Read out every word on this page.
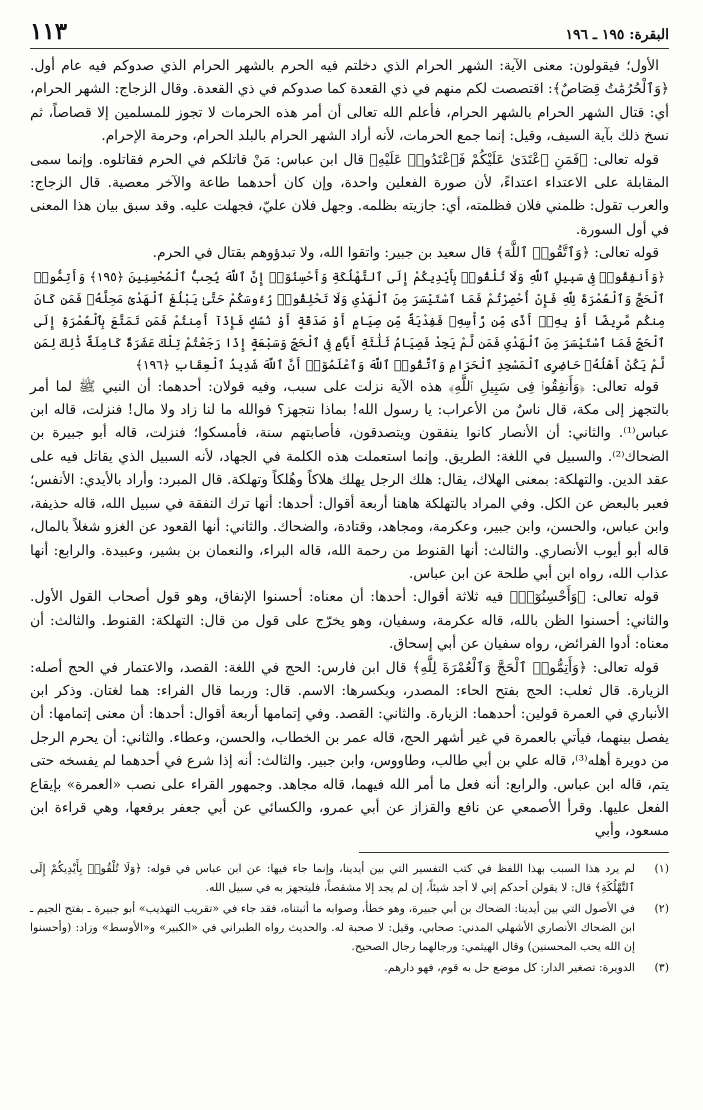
١١٣	البقرة: ١٩٥ ـ ١٩٦

الأول؛ فيقولون: معنى الآية: الشهر الحرام الذي دخلتم فيه الحرم بالشهر الحرام الذي صدوكم فيه عام أول. ﴿وَٱلْحُرُمَٰتُ قِصَاصٌ﴾: اقتصصت لكم منهم في ذي القعدة كما صدوكم في ذي القعدة. وقال الزجاج: الشهر الحرام، أي: قتال الشهر الحرام بالشهر الحرام، فأعلم الله تعالى أن أمر هذه الحرمات لا تجوز للمسلمين إلا قصاصاً، ثم نسخ ذلك بآية السيف، وقيل: إنما جمع الحرمات، لأنه أراد الشهر الحرام بالبلد الحرام، وحرمة الإحرام.

قوله تعالى: ﴿فَمَنِ ٱعْتَدَىٰ عَلَيْكُمْ فَٱعْتَدُوا۟ عَلَيْهِ﴾ قال ابن عباس: مَنْ قاتلكم في الحرم فقاتلوه. وإنما سمى المقابلة على الاعتداء اعتداءً، لأن صورة الفعلين واحدة، وإن كان أحدهما طاعة والآخر معصية. قال الزجاج: والعرب تقول: ظلمني فلان فظلمته، أي: جازيته بظلمه. وجهل فلان عليّ، فجهلت عليه. وقد سبق بيان هذا المعنى في أول السورة.

قوله تعالى: ﴿وَٱتَّقُوا۟ ٱللَّهَ﴾ قال سعيد بن جبير: واتقوا الله، ولا تبدؤوهم بقتال في الحرم.

﴿وَأَنفِقُوا۟ فِى سَبِيلِ ٱللَّهِ وَلَا تُلْقُوا۟ بِأَيْدِيكُمْ إِلَى ٱلتَّهْلُكَةِ وَأَحْسِنُوٓا۟ إِنَّ ٱللَّهَ يُحِبُّ ٱلْمُحْسِنِينَ ﴿١٩٥﴾ وَأَتِمُّوا۟ ٱلْحَجَّ وَٱلْعُمْرَةَ لِلَّهِ فَإِنْ أُحْصِرْتُمْ فَمَا ٱسْتَيْسَرَ مِنَ ٱلْهَدْىِ وَلَا تَحْلِقُوا۟ رُءُوسَكُمْ حَتَّىٰ يَبْلُغَ ٱلْهَدْىُ مَحِلَّهُۥ فَمَن كَانَ مِنكُم مَّرِيضًا أَوْ بِهِۦٓ أَذًى مِّن رَّأْسِهِۦ فَفِدْيَةٌ مِّن صِيَامٍ أَوْ صَدَقَةٍ أَوْ نُسُكٍ فَإِذَآ أَمِنتُمْ فَمَن تَمَتَّعَ بِٱلْعُمْرَةِ إِلَى ٱلْحَجِّ فَمَا ٱسْتَيْسَرَ مِنَ ٱلْهَدْىِ فَمَن لَّمْ يَجِدْ فَصِيَامُ ثَلَٰثَةِ أَيَّامٍ فِى ٱلْحَجِّ وَسَبْعَةٍ إِذَا رَجَعْتُمْ تِلْكَ عَشَرَةٌ كَامِلَةٌ ذَٰلِكَ لِمَن لَّمْ يَكُنْ أَهْلُهُۥ حَاضِرِى ٱلْمَسْجِدِ ٱلْحَرَامِ وَٱتَّقُوا۟ ٱللَّهَ وَٱعْلَمُوٓا۟ أَنَّ ٱللَّهَ شَدِيدُ ٱلْعِقَابِ ﴿١٩٦﴾

قوله تعالى: ﴿وَأَنفِقُوا۟ فِى سَبِيلِ ٱللَّهِ﴾ هذه الآية نزلت على سبب، وفيه قولان: أحدهما: أن النبي ﷺ لما أمر بالتجهز إلى مكة، قال ناسٌ من الأعراب: يا رسول الله! بماذا نتجهز؟ فوالله ما لنا زاد ولا مال! فنزلت، قاله ابن عباس⁽¹⁾. والثاني: أن الأنصار كانوا ينفقون ويتصدقون، فأصابتهم سنة، فأمسكوا؛ فنزلت، قاله أبو جبيرة بن الضحاك⁽²⁾. والسبيل في اللغة: الطريق. وإنما استعملت هذه الكلمة في الجهاد، لأنه السبيل الذي يقاتل فيه على عقد الدين. والتهلكة: بمعنى الهلاك، يقال: هلك الرجل يهلك هلاكاً وهُلكاً وتهلكة. قال المبرد: وأراد بالأيدي: الأنفس؛ فعبر بالبعض عن الكل. وفي المراد بالتهلكة هاهنا أربعة أقوال: أحدها: أنها ترك النفقة في سبيل الله، قاله حذيفة، وابن عباس، والحسن، وابن جبير، وعكرمة، ومجاهد، وقتادة، والضحاك. والثاني: أنها القعود عن الغزو شغلاً بالمال، قاله أبو أيوب الأنصاري. والثالث: أنها القنوط من رحمة الله، قاله البراء، والنعمان بن بشير، وعبيدة. والرابع: أنها عذاب الله، رواه ابن أبي طلحة عن ابن عباس.

قوله تعالى: ﴿وَأَحْسِنُوٓا۟﴾ فيه ثلاثة أقوال: أحدها: أن معناه: أحسنوا الإنفاق، وهو قول أصحاب القول الأول. والثاني: أحسنوا الظن بالله، قاله عكرمة، وسفيان، وهو يخرّج على قول من قال: التهلكة: القنوط. والثالث: أن معناه: أدوا الفرائض، رواه سفيان عن أبي إسحاق.

قوله تعالى: ﴿وَأَتِمُّوا۟ ٱلْحَجَّ وَٱلْعُمْرَةَ لِلَّهِ﴾ قال ابن فارس: الحج في اللغة: القصد، والاعتمار في الحج أصله: الزيارة. قال ثعلب: الحج بفتح الحاء: المصدر، وبكسرها: الاسم. قال: وربما قال الفراء: هما لغتان. وذكر ابن الأنباري في العمرة قولين: أحدهما: الزيارة. والثاني: القصد. وفي إتمامها أربعة أقوال: أحدها: أن معنى إتمامها: أن يفصل بينهما، فيأتي بالعمرة في غير أشهر الحج، قاله عمر بن الخطاب، والحسن، وعطاء. والثاني: أن يحرم الرجل من دويرة أهله⁽³⁾، قاله علي بن أبي طالب، وطاووس، وابن جبير. والثالث: أنه إذا شرع في أحدهما لم يفسخه حتى يتم، قاله ابن عباس. والرابع: أنه فعل ما أمر الله فيهما، قاله مجاهد. وجمهور القراء على نصب «العمرة» بإيقاع الفعل عليها. وقرأ الأصمعي عن نافع والقزاز عن أبي عمرو، والكسائي عن أبي جعفر برفعها، وهي قراءة ابن مسعود، وأبي

(١)
لم يرد هذا السبب بهذا اللفظ في كتب التفسير التي بين أيدينا، وإنما جاء فيها: عن ابن عباس في قوله: ﴿وَلَا تُلْقُوا۟ بِأَيْدِيكُمْ إِلَى ٱلتَّهْلُكَةِ﴾ قال: لا يقولن أحدكم إني لا أجد شيئاً، إن لم يجد إلا مشقصاً، فليتجهز به في سبيل الله.
(٢)
في الأصول التي بين أيدينا: الضحاك بن أبي جبيرة، وهو خطأ، وصوابه ما أثبتناه، فقد جاء في «تقريب التهذيب» أبو جبيرة ـ بفتح الجيم ـ ابن الضحاك الأنصاري الأشهلي المدني: صحابي، وقيل: لا صحبة له. والحديث رواه الطبراني في «الكبير» و«الأوسط» وزاد: (وأحسنوا إن الله يحب المحسنين) وقال الهيثمي: ورجالهما رجال الصحيح.
(٣)
الدويرة: تصغير الدار: كل موضع حل به قوم، فهو دارهم.
